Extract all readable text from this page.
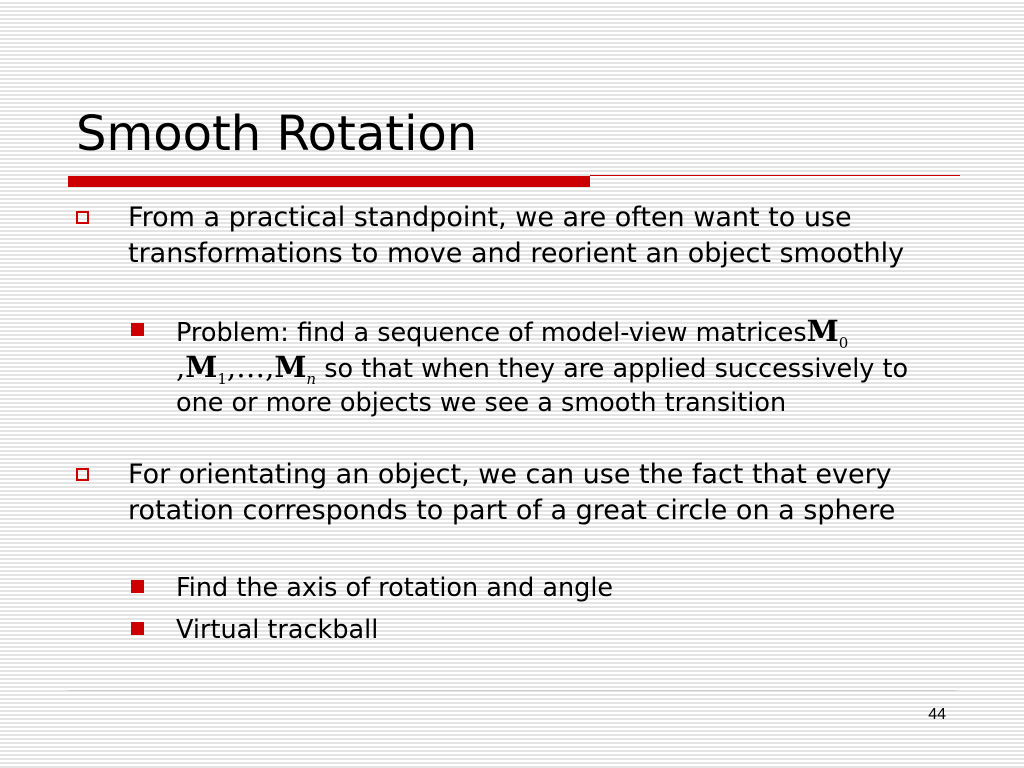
Smooth Rotation
From a practical standpoint, we are often want to use transformations to move and reorient an object smoothly
Problem: find a sequence of model-view matricesM$_0$ $,M_1,\dots,M_n$ so that when they are applied successively to one or more objects we see a smooth transition
For orientating an object, we can use the fact that every rotation corresponds to part of a great circle on a sphere
Find the axis of rotation and angle
Virtual trackball
44
